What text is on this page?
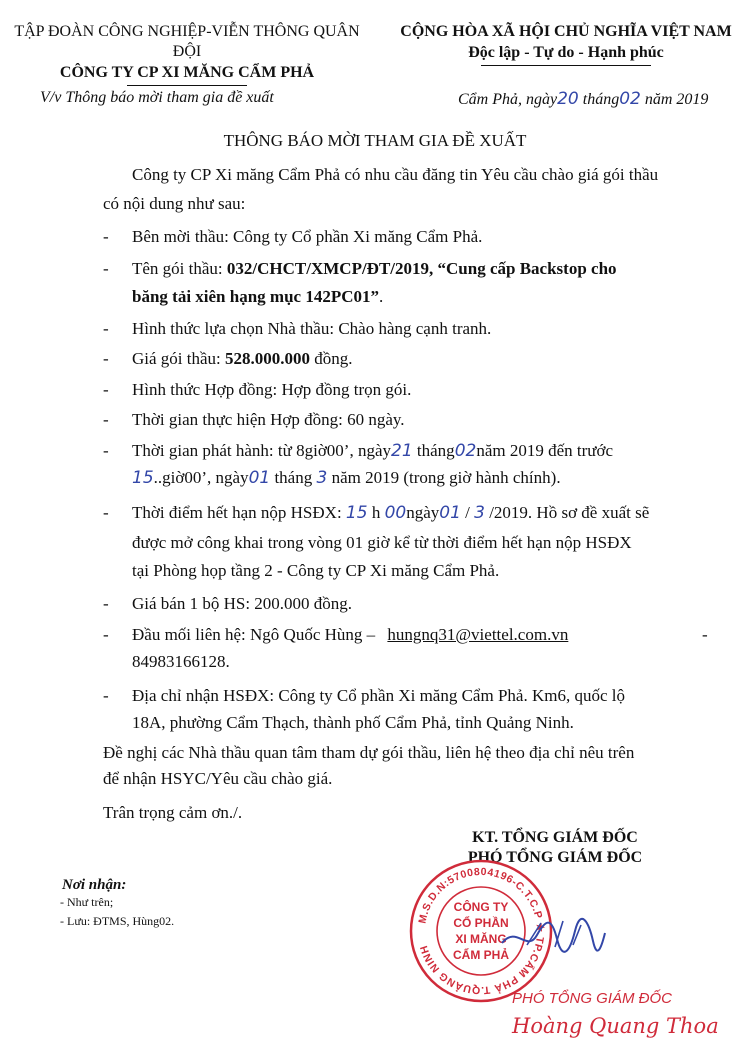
TẬP ĐOÀN CÔNG NGHIỆP-VIỄN THÔNG QUÂN ĐỘI
CÔNG TY CP XI MĂNG CẨM PHẢ
CỘNG HÒA XÃ HỘI CHỦ NGHĨA VIỆT NAM
Độc lập - Tự do - Hạnh phúc
V/v Thông báo mời tham gia đề xuất	Cẩm Phả, ngày20 tháng02 năm 2019
THÔNG BÁO MỜI THAM GIA ĐỀ XUẤT
Công ty CP Xi măng Cẩm Phả có nhu cầu đăng tin Yêu cầu chào giá gói thầu
có nội dung như sau:
- Bên mời thầu: Công ty Cổ phần Xi măng Cẩm Phả.
- Tên gói thầu: 032/CHCT/XMCP/ĐT/2019, “Cung cấp Backstop cho
băng tải xiên hạng mục 142PC01”.
- Hình thức lựa chọn Nhà thầu: Chào hàng cạnh tranh.
- Giá gói thầu: 528.000.000 đồng.
- Hình thức Hợp đồng: Hợp đồng trọn gói.
- Thời gian thực hiện Hợp đồng: 60 ngày.
- Thời gian phát hành: từ 8giờ00’, ngày21 tháng02năm 2019 đến trước
15..giờ00’, ngày01 tháng 3 năm 2019 (trong giờ hành chính).
- Thời điểm hết hạn nộp HSĐX: 15 h 00ngày01 / 3 /2019. Hồ sơ đề xuất sẽ
được mở công khai trong vòng 01 giờ kể từ thời điểm hết hạn nộp HSĐX
tại Phòng họp tầng 2 - Công ty CP Xi măng Cẩm Phả.
- Giá bán 1 bộ HS: 200.000 đồng.
- Đầu mối liên hệ: Ngô Quốc Hùng – hungnq31@viettel.com.vn	-
84983166128.
- Địa chỉ nhận HSĐX: Công ty Cổ phần Xi măng Cẩm Phả. Km6, quốc lộ
18A, phường Cẩm Thạch, thành phố Cẩm Phả, tỉnh Quảng Ninh.
Đề nghị các Nhà thầu quan tâm tham dự gói thầu, liên hệ theo địa chỉ nêu trên
để nhận HSYC/Yêu cầu chào giá.
Trân trọng cảm ơn./.
KT. TỔNG GIÁM ĐỐC
PHÓ TỔNG GIÁM ĐỐC
Nơi nhận:
- Như trên;
- Lưu: ĐTMS, Hùng02.	M.S.D.N:5700804196-C.T.C.P ★ TP.CẨM PHẢ T.QUẢNG NINH
CÔNG TY
CỔ PHẦN
XI MĂNG
CẨM PHẢ
PHÓ TỔNG GIÁM ĐỐC
Hoàng Quang Thoa
